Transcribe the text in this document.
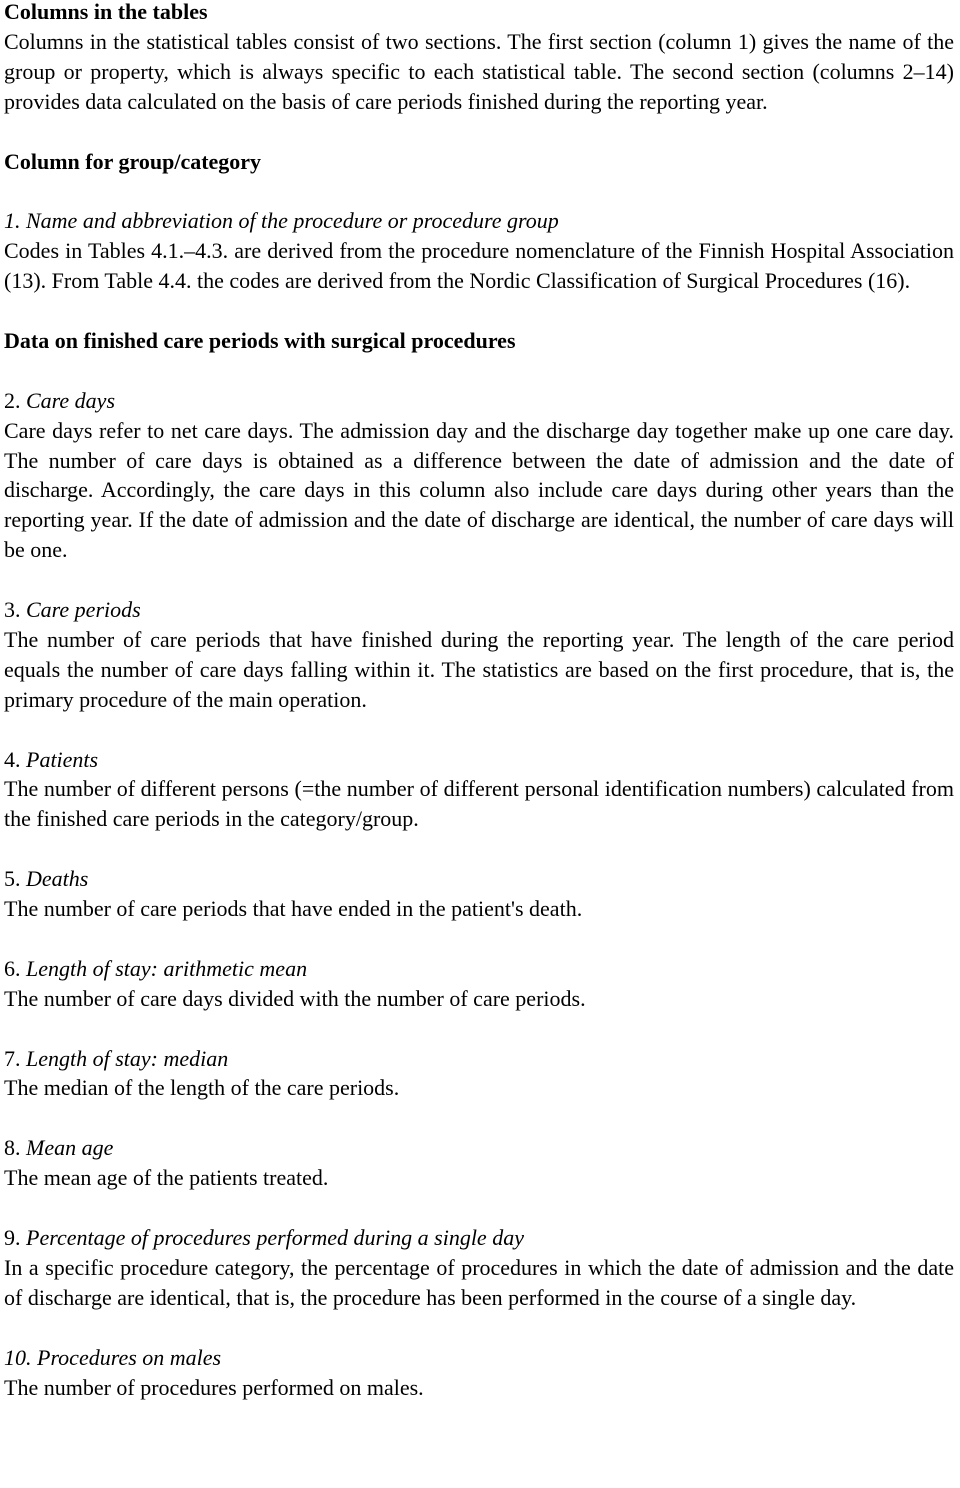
Columns in the tables

Columns in the statistical tables consist of two sections. The first section (column 1) gives the name of the group or property, which is always specific to each statistical table. The second section (columns 2–14) provides data calculated on the basis of care periods finished during the reporting year.

Column for group/category
1. Name and abbreviation of the procedure or procedure group

Codes in Tables 4.1.–4.3. are derived from the procedure nomenclature of the Finnish Hospital Association (13). From Table 4.4. the codes are derived from the Nordic Classification of Surgical Procedures (16).

Data on finished care periods with surgical procedures
2. Care days

Care days refer to net care days. The admission day and the discharge day together make up one care day. The number of care days is obtained as a difference between the date of admission and the date of discharge. Accordingly, the care days in this column also include care days during other years than the reporting year. If the date of admission and the date of discharge are identical, the number of care days will be one.

3. Care periods

The number of care periods that have finished during the reporting year. The length of the care period equals the number of care days falling within it. The statistics are based on the first procedure, that is, the primary procedure of the main operation.

4. Patients

The number of different persons (=the number of different personal identification numbers) calculated from the finished care periods in the category/group.

5. Deaths

The number of care periods that have ended in the patient's death.

6. Length of stay: arithmetic mean

The number of care days divided with the number of care periods.

7. Length of stay: median

The median of the length of the care periods.

8. Mean age

The mean age of the patients treated.

9. Percentage of procedures performed during a single day

In a specific procedure category, the percentage of procedures in which the date of admission and the date of discharge are identical, that is, the procedure has been performed in the course of a single day.

10. Procedures on males

The number of procedures performed on males.
